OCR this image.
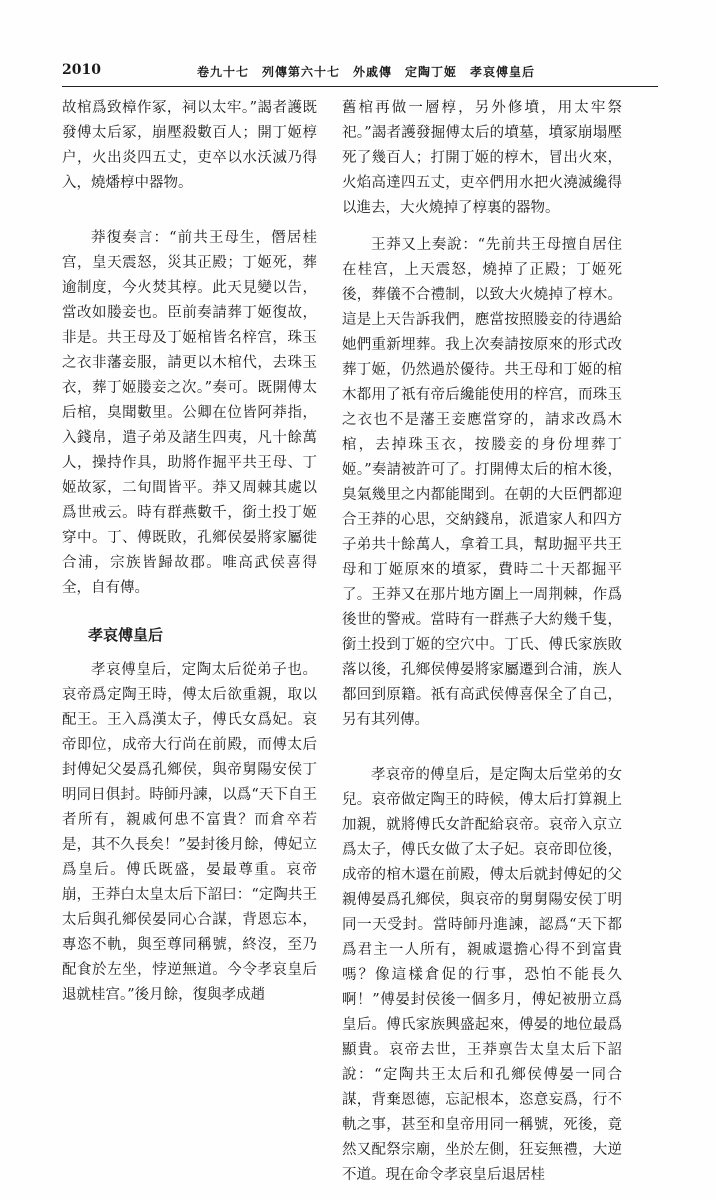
2010	卷九十七　列傳第六十七　外戚傳　定陶丁姬　孝哀傅皇后

故棺爲致樟作冢，祠以太牢。”謁者護既發傅太后冢，崩壓殺數百人；開丁姬椁户，火出炎四五丈，吏卒以水沃滅乃得入，燒燔椁中器物。

莽復奏言：“前共王母生，僭居桂宫，皇天震怒，災其正殿；丁姬死，葬逾制度，今火焚其椁。此天見變以告，當改如媵妾也。臣前奏請葬丁姬復故，非是。共王母及丁姬棺皆名梓宫，珠玉之衣非藩妾服，請更以木棺代，去珠玉衣，葬丁姬媵妾之次。”奏可。既開傅太后棺，臭聞數里。公卿在位皆阿莽指，入錢帛，遣子弟及諸生四夷，凡十餘萬人，操持作具，助將作掘平共王母、丁姬故冢，二旬間皆平。莽又周棘其處以爲世戒云。時有群燕數千，銜土投丁姬穿中。丁、傅既敗，孔鄉侯晏將家屬徙合浦，宗族皆歸故郡。唯高武侯喜得全，自有傳。

孝哀傅皇后

孝哀傅皇后，定陶太后從弟子也。哀帝爲定陶王時，傅太后欲重親，取以配王。王入爲漢太子，傅氏女爲妃。哀帝即位，成帝大行尚在前殿，而傅太后封傅妃父晏爲孔鄉侯，與帝舅陽安侯丁明同日俱封。時師丹諫，以爲“天下自王者所有，親戚何患不富貴？而倉卒若是，其不久長矣！”晏封後月餘，傅妃立爲皇后。傅氏既盛，晏最尊重。哀帝崩，王莽白太皇太后下詔曰：“定陶共王太后與孔鄉侯晏同心合謀，背恩忘本，專恣不軌，與至尊同稱號，終沒，至乃配食於左坐，悖逆無道。今令孝哀皇后退就桂宫。”後月餘，復與孝成趙

舊棺再做一層椁，另外修墳，用太牢祭祀。”謁者護發掘傅太后的墳墓，墳冢崩塌壓死了幾百人；打開丁姬的椁木，冒出火來，火焰高達四五丈，吏卒們用水把火澆滅纔得以進去，大火燒掉了椁裏的器物。

王莽又上奏說：“先前共王母擅自居住在桂宫，上天震怒，燒掉了正殿；丁姬死後，葬儀不合禮制，以致大火燒掉了椁木。這是上天告訴我們，應當按照媵妾的待遇給她們重新埋葬。我上次奏請按原來的形式改葬丁姬，仍然過於優待。共王母和丁姬的棺木都用了祇有帝后纔能使用的梓宫，而珠玉之衣也不是藩王妾應當穿的，請求改爲木棺，去掉珠玉衣，按媵妾的身份埋葬丁姬。”奏請被許可了。打開傅太后的棺木後，臭氣幾里之内都能聞到。在朝的大臣們都迎合王莽的心思，交納錢帛，派遣家人和四方子弟共十餘萬人，拿着工具，幫助掘平共王母和丁姬原來的墳冢，費時二十天都掘平了。王莽又在那片地方圍上一周荆棘，作爲後世的警戒。當時有一群燕子大約幾千隻，銜土投到丁姬的空穴中。丁氏、傅氏家族敗落以後，孔鄉侯傅晏將家屬遷到合浦，族人都回到原籍。祇有高武侯傅喜保全了自己，另有其列傳。

孝哀帝的傅皇后，是定陶太后堂弟的女兒。哀帝做定陶王的時候，傅太后打算親上加親，就將傅氏女許配給哀帝。哀帝入京立爲太子，傅氏女做了太子妃。哀帝即位後，成帝的棺木還在前殿，傅太后就封傅妃的父親傅晏爲孔鄉侯，與哀帝的舅舅陽安侯丁明同一天受封。當時師丹進諫，認爲“天下都爲君主一人所有，親戚還擔心得不到富貴嗎？像這樣倉促的行事，恐怕不能長久啊！”傅晏封侯後一個多月，傅妃被册立爲皇后。傅氏家族興盛起來，傅晏的地位最爲顯貴。哀帝去世，王莽禀告太皇太后下詔說：“定陶共王太后和孔鄉侯傅晏一同合謀，背棄恩德，忘記根本，恣意妄爲，行不軌之事，甚至和皇帝用同一稱號，死後，竟然又配祭宗廟，坐於左側，狂妄無禮，大逆不道。現在命令孝哀皇后退居桂
